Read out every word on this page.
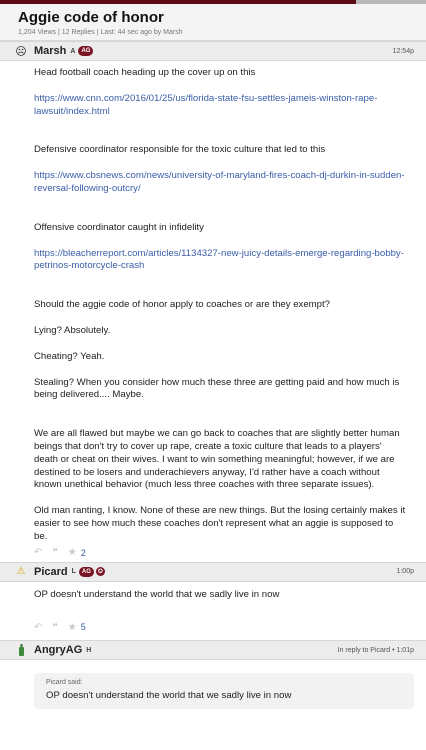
Aggie code of honor
1,204 Views | 12 Replies | Last: 44 sec ago by Marsh
☹ Marsh A	AG	12:54p

Head football coach heading up the cover up on this

https://www.cnn.com/2016/01/25/us/florida-state-fsu-settles-jameis-winston-rape-lawsuit/index.html

Defensive coordinator responsible for the toxic culture that led to this

https://www.cbsnews.com/news/university-of-maryland-fires-coach-dj-durkin-in-sudden-reversal-following-outcry/

Offensive coordinator caught in infidelity

https://bleacherreport.com/articles/1134327-new-juicy-details-emerge-regarding-bobby-petrinos-motorcycle-crash

Should the aggie code of honor apply to coaches or are they exempt?

Lying? Absolutely.

Cheating? Yeah.

Stealing? When you consider how much these three are getting paid and how much is being delivered.... Maybe.

We are all flawed but maybe we can go back to coaches that are slightly better human beings that don't try to cover up rape, create a toxic culture that leads to a players' death or cheat on their wives. I want to win something meaningful; however, if we are destined to be losers and underachievers anyway, I'd rather have a coach without known unethical behavior (much less three coaches with three separate issues).

Old man ranting, I know. None of these are new things. But the losing certainly makes it easier to see how much these coaches don't represent what an aggie is supposed to be.

↶ ❝ ★ 2
⚠ Picard L	AG	✪	1:00p

OP doesn't understand the world that we sadly live in now

↶ ❝ ★ 5
AngryAG H	In reply to Picard • 1:01p
Picard said:
OP doesn't understand the world that we sadly live in now
